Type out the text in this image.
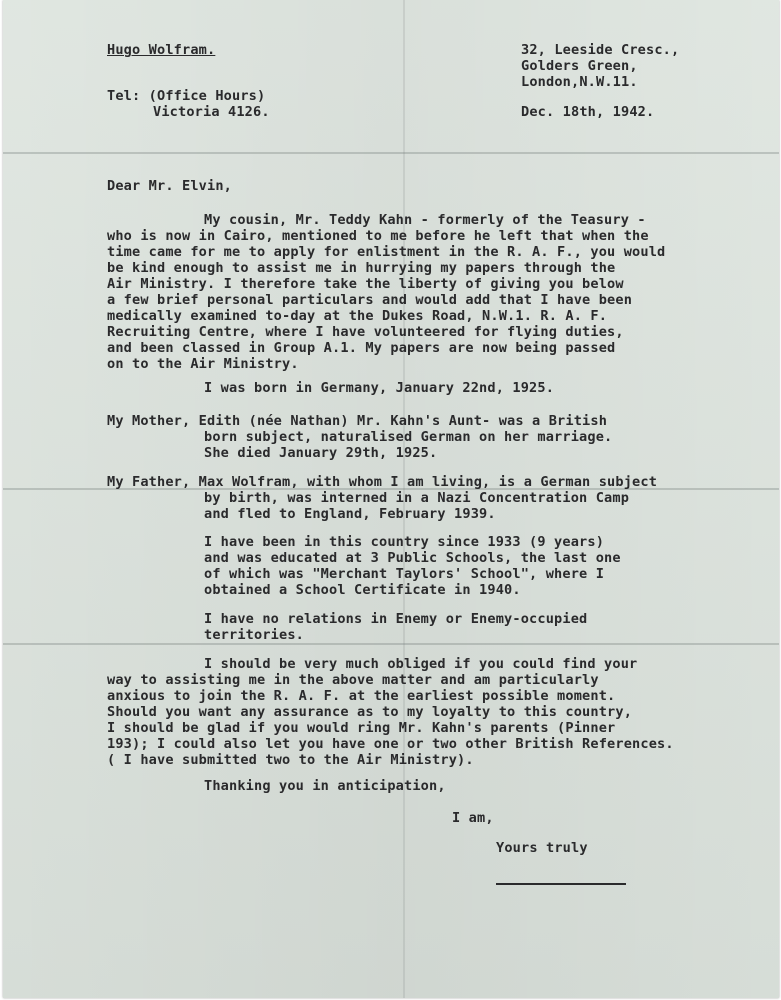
Hugo Wolfram.
Tel: (Office Hours)
Victoria 4126.
32, Leeside Cresc.,
Golders Green,
London,N.W.11.
Dec. 18th, 1942.
Dear Mr. Elvin,
My cousin, Mr. Teddy Kahn - formerly of the Teasury -
who is now in Cairo, mentioned to me before he left that when the
time came for me to apply for enlistment in the R. A. F., you would
be kind enough to assist me in hurrying my papers through the
Air Ministry. I therefore take the liberty of giving you below
a few brief personal particulars and would add that I have been
medically examined to-day at the Dukes Road, N.W.1. R. A. F.
Recruiting Centre, where I have volunteered for flying duties,
and been classed in Group A.1. My papers are now being passed
on to the Air Ministry.
I was born in Germany, January 22nd, 1925.
My Mother, Edith (née Nathan) Mr. Kahn's Aunt- was a British
born subject, naturalised German on her marriage.
She died January 29th, 1925.
My Father, Max Wolfram, with whom I am living, is a German subject
by birth, was interned in a Nazi Concentration Camp
and fled to England, February 1939.
I have been in this country since 1933 (9 years)
and was educated at 3 Public Schools, the last one
of which was "Merchant Taylors' School", where I
obtained a School Certificate in 1940.
I have no relations in Enemy or Enemy-occupied
territories.
I should be very much obliged if you could find your
way to assisting me in the above matter and am particularly
anxious to join the R. A. F. at the earliest possible moment.
Should you want any assurance as to my loyalty to this country,
I should be glad if you would ring Mr. Kahn's parents (Pinner
193); I could also let you have one or two other British References.
( I have submitted two to the Air Ministry).
Thanking you in anticipation,
I am,
Yours truly
